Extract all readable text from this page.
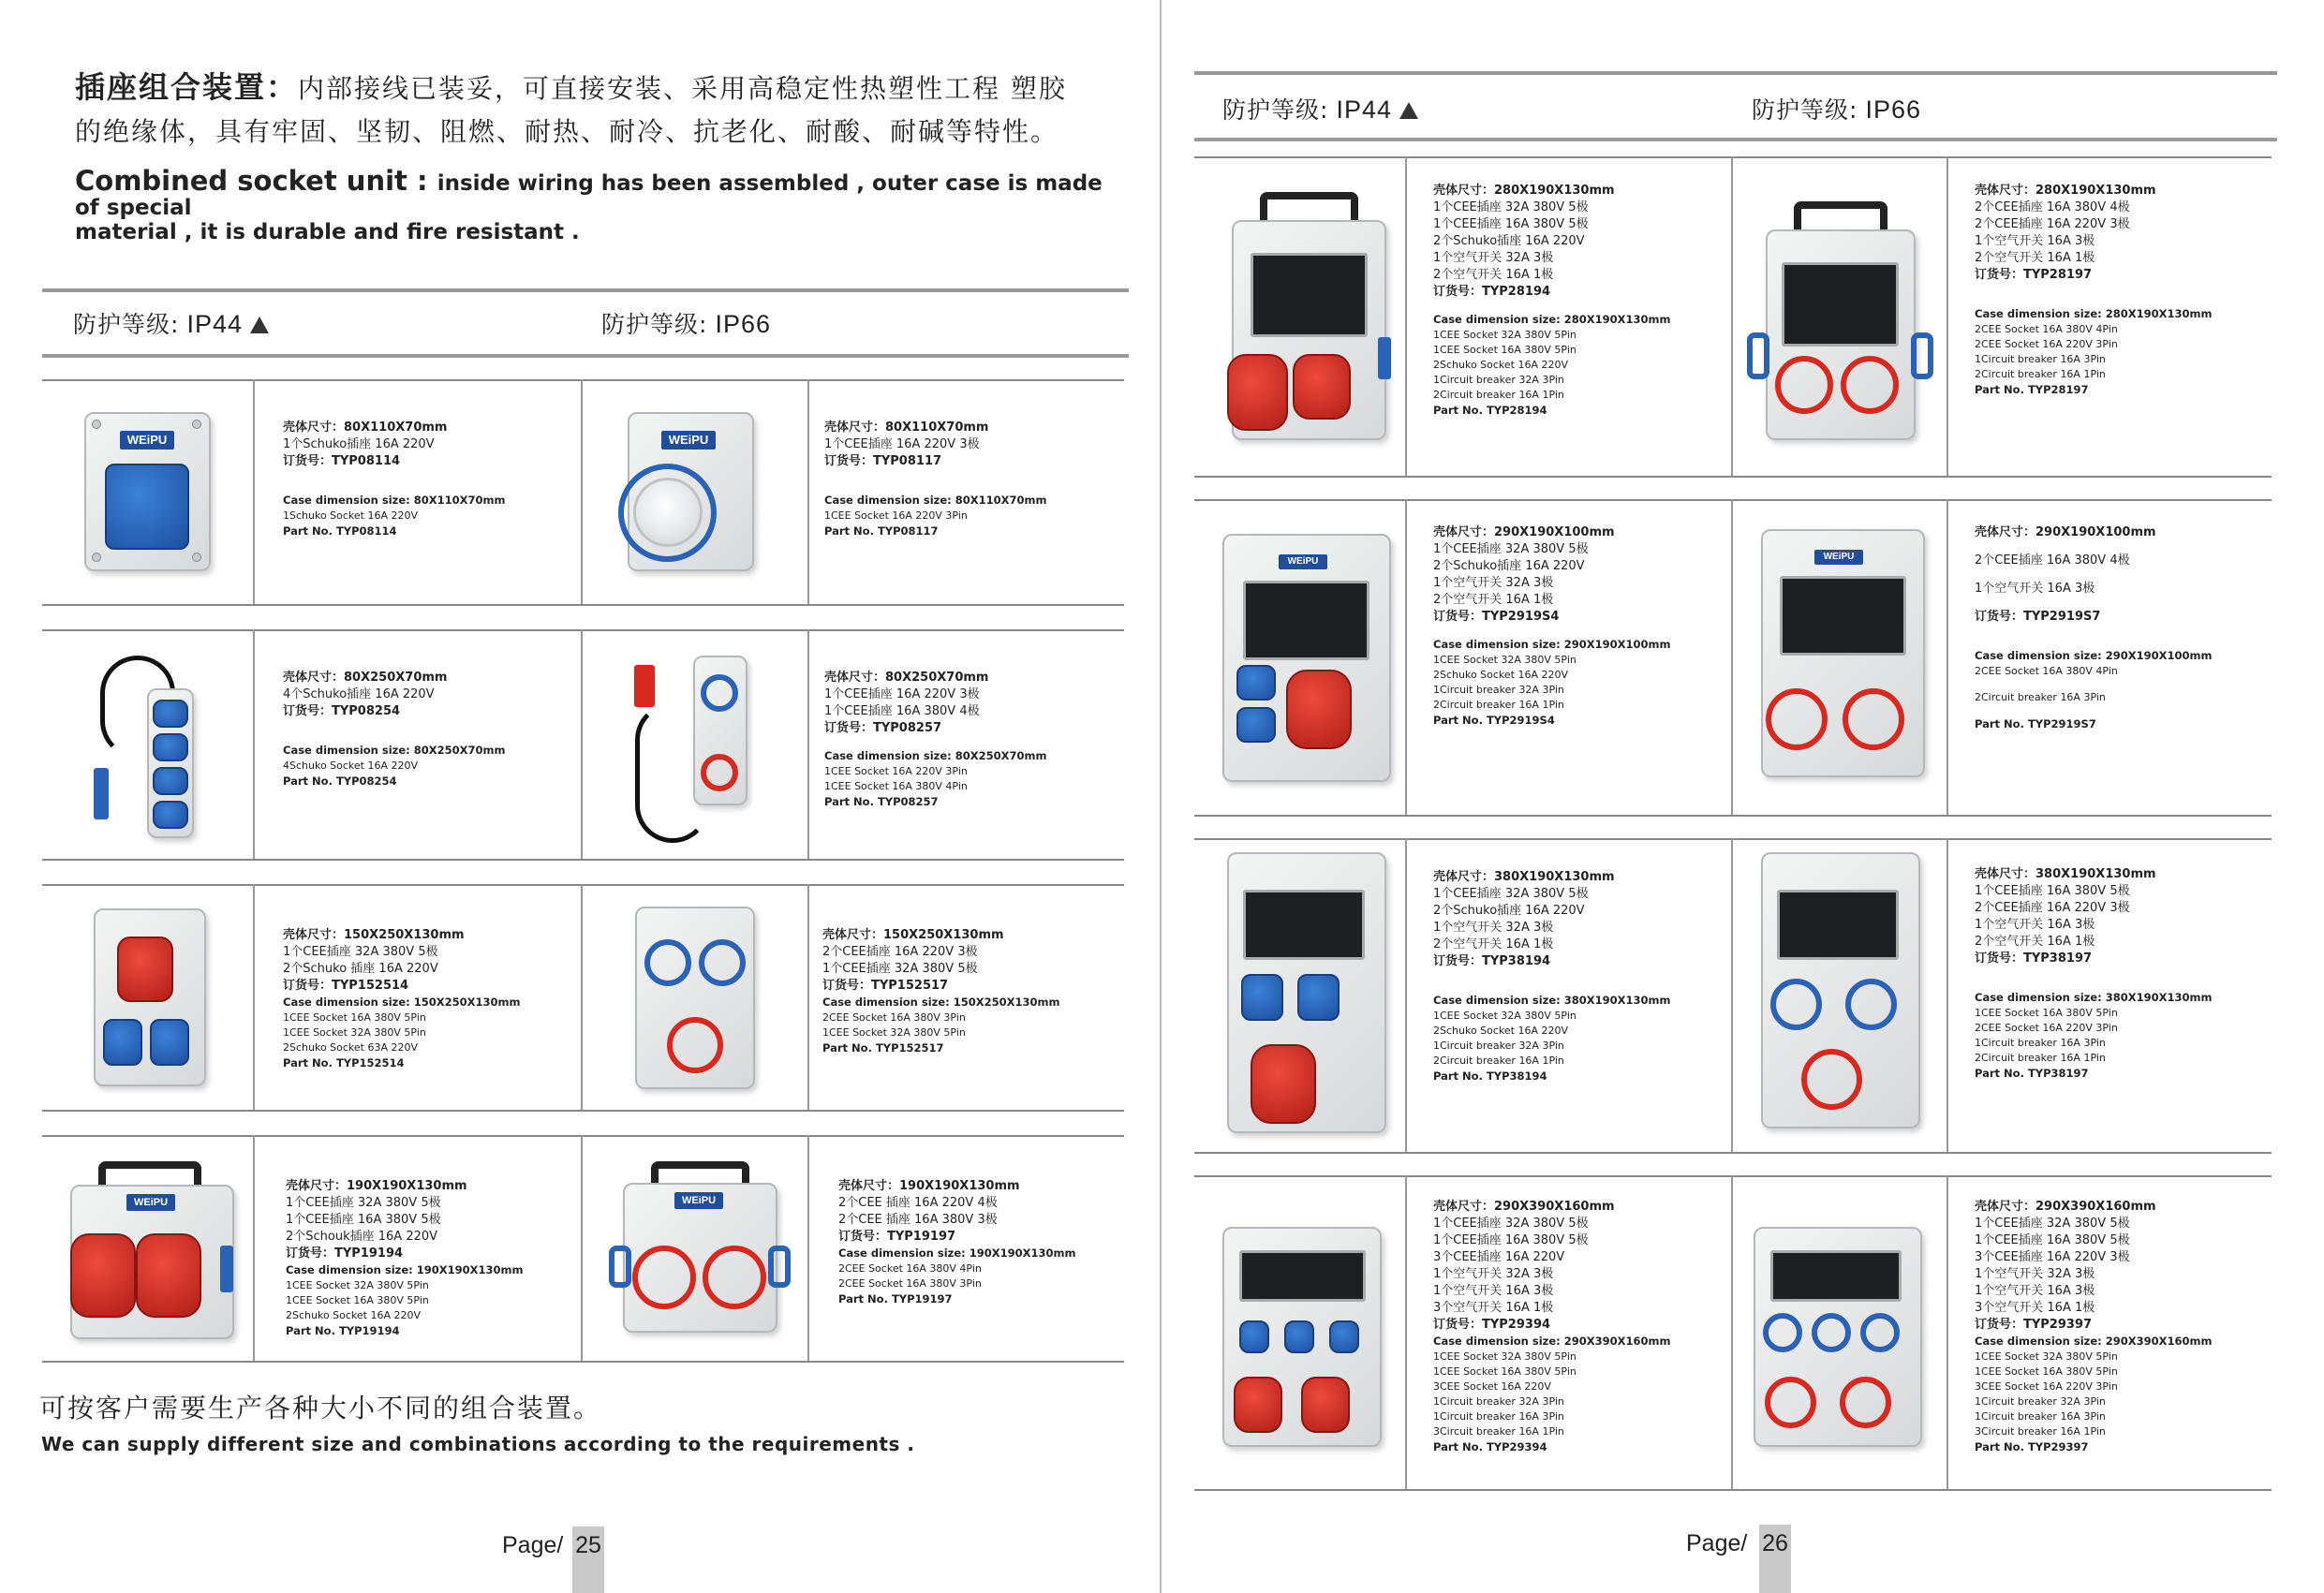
插座组合装置：内部接线已装妥，可直接安装、采用高稳定性热塑性工程 塑胶
的绝缘体，具有牢固、坚韧、阻燃、耐热、耐冷、抗老化、耐酸、耐碱等特性。
Combined socket unit : inside wiring has been assembled , outer case is made of special
material , it is durable and fire resistant .
防护等级: IP44	防护等级: IP66
WEiPU
壳体尺寸：80X110X70mm
1个Schuko插座 16A 220V
订货号：TYP08114
Case dimension size: 80X110X70mm
1Schuko Socket 16A 220V
Part No. TYP08114
WEiPU
壳体尺寸：80X110X70mm
1个CEE插座 16A 220V 3极
订货号：TYP08117
Case dimension size: 80X110X70mm
1CEE Socket 16A 220V 3Pin
Part No. TYP08117
壳体尺寸：80X250X70mm
4个Schuko插座 16A 220V
订货号：TYP08254
Case dimension size: 80X250X70mm
4Schuko Socket 16A 220V
Part No. TYP08254
壳体尺寸：80X250X70mm
1个CEE插座 16A 220V 3极
1个CEE插座 16A 380V 4极
订货号：TYP08257
Case dimension size: 80X250X70mm
1CEE Socket 16A 220V 3Pin
1CEE Socket 16A 380V 4Pin
Part No. TYP08257
壳体尺寸：150X250X130mm
1个CEE插座 32A 380V 5极
2个Schuko 插座 16A 220V
订货号：TYP152514
Case dimension size: 150X250X130mm
1CEE Socket 16A 380V 5Pin
1CEE Socket 32A 380V 5Pin
2Schuko Socket 63A 220V
Part No. TYP152514
壳体尺寸：150X250X130mm
2个CEE插座 16A 220V 3极
1个CEE插座 32A 380V 5极
订货号：TYP152517
Case dimension size: 150X250X130mm
2CEE Socket 16A 380V 3Pin
1CEE Socket 32A 380V 5Pin
Part No. TYP152517
WEiPU
壳体尺寸：190X190X130mm
1个CEE插座 32A 380V 5极
1个CEE插座 16A 380V 5极
2个Schouk插座 16A 220V
订货号：TYP19194
Case dimension size: 190X190X130mm
1CEE Socket 32A 380V 5Pin
1CEE Socket 16A 380V 5Pin
2Schuko Socket 16A 220V
Part No. TYP19194
WEiPU
壳体尺寸：190X190X130mm
2个CEE 插座 16A 220V 4极
2个CEE 插座 16A 380V 3极
订货号：TYP19197
Case dimension size: 190X190X130mm
2CEE Socket 16A 380V 4Pin
2CEE Socket 16A 380V 3Pin
Part No. TYP19197
可按客户需要生产各种大小不同的组合装置。
We can supply different size and combinations according to the requirements .
Page/ 25
防护等级: IP44	防护等级: IP66
壳体尺寸：280X190X130mm
1个CEE插座 32A 380V 5极
1个CEE插座 16A 380V 5极
2个Schuko插座 16A 220V
1个空气开关 32A 3极
2个空气开关 16A 1极
订货号：TYP28194
Case dimension size: 280X190X130mm
1CEE Socket 32A 380V 5Pin
1CEE Socket 16A 380V 5Pin
2Schuko Socket 16A 220V
1Circuit breaker 32A 3Pin
2Circuit breaker 16A 1Pin
Part No. TYP28194
壳体尺寸：280X190X130mm
2个CEE插座 16A 380V 4极
2个CEE插座 16A 220V 3极
1个空气开关 16A 3极
2个空气开关 16A 1极
订货号：TYP28197
Case dimension size: 280X190X130mm
2CEE Socket 16A 380V 4Pin
2CEE Socket 16A 220V 3Pin
1Circuit breaker 16A 3Pin
2Circuit breaker 16A 1Pin
Part No. TYP28197
WEiPU
壳体尺寸：290X190X100mm
1个CEE插座 32A 380V 5极
2个Schuko插座 16A 220V
1个空气开关 32A 3极
2个空气开关 16A 1极
订货号：TYP2919S4
Case dimension size: 290X190X100mm
1CEE Socket 32A 380V 5Pin
2Schuko Socket 16A 220V
1Circuit breaker 32A 3Pin
2Circuit breaker 16A 1Pin
Part No. TYP2919S4
WEiPU
壳体尺寸：290X190X100mm
2个CEE插座 16A 380V 4极
1个空气开关 16A 3极
订货号：TYP2919S7
Case dimension size: 290X190X100mm
2CEE Socket 16A 380V 4Pin
2Circuit breaker 16A 3Pin
Part No. TYP2919S7
壳体尺寸：380X190X130mm
1个CEE插座 32A 380V 5极
2个Schuko插座 16A 220V
1个空气开关 32A 3极
2个空气开关 16A 1极
订货号：TYP38194
Case dimension size: 380X190X130mm
1CEE Socket 32A 380V 5Pin
2Schuko Socket 16A 220V
1Circuit breaker 32A 3Pin
2Circuit breaker 16A 1Pin
Part No. TYP38194
壳体尺寸：380X190X130mm
1个CEE插座 16A 380V 5极
2个CEE插座 16A 220V 3极
1个空气开关 16A 3极
2个空气开关 16A 1极
订货号：TYP38197
Case dimension size: 380X190X130mm
1CEE Socket 16A 380V 5Pin
2CEE Socket 16A 220V 3Pin
1Circuit breaker 16A 3Pin
2Circuit breaker 16A 1Pin
Part No. TYP38197
壳体尺寸：290X390X160mm
1个CEE插座 32A 380V 5极
1个CEE插座 16A 380V 5极
3个CEE插座 16A 220V
1个空气开关 32A 3极
1个空气开关 16A 3极
3个空气开关 16A 1极
订货号：TYP29394
Case dimension size: 290X390X160mm
1CEE Socket 32A 380V 5Pin
1CEE Socket 16A 380V 5Pin
3CEE Socket 16A 220V
1Circuit breaker 32A 3Pin
1Circuit breaker 16A 3Pin
3Circuit breaker 16A 1Pin
Part No. TYP29394
壳体尺寸：290X390X160mm
1个CEE插座 32A 380V 5极
1个CEE插座 16A 380V 5极
3个CEE插座 16A 220V 3极
1个空气开关 32A 3极
1个空气开关 16A 3极
3个空气开关 16A 1极
订货号：TYP29397
Case dimension size: 290X390X160mm
1CEE Socket 32A 380V 5Pin
1CEE Socket 16A 380V 5Pin
3CEE Socket 16A 220V 3Pin
1Circuit breaker 32A 3Pin
1Circuit breaker 16A 3Pin
3Circuit breaker 16A 1Pin
Part No. TYP29397
Page/ 26
